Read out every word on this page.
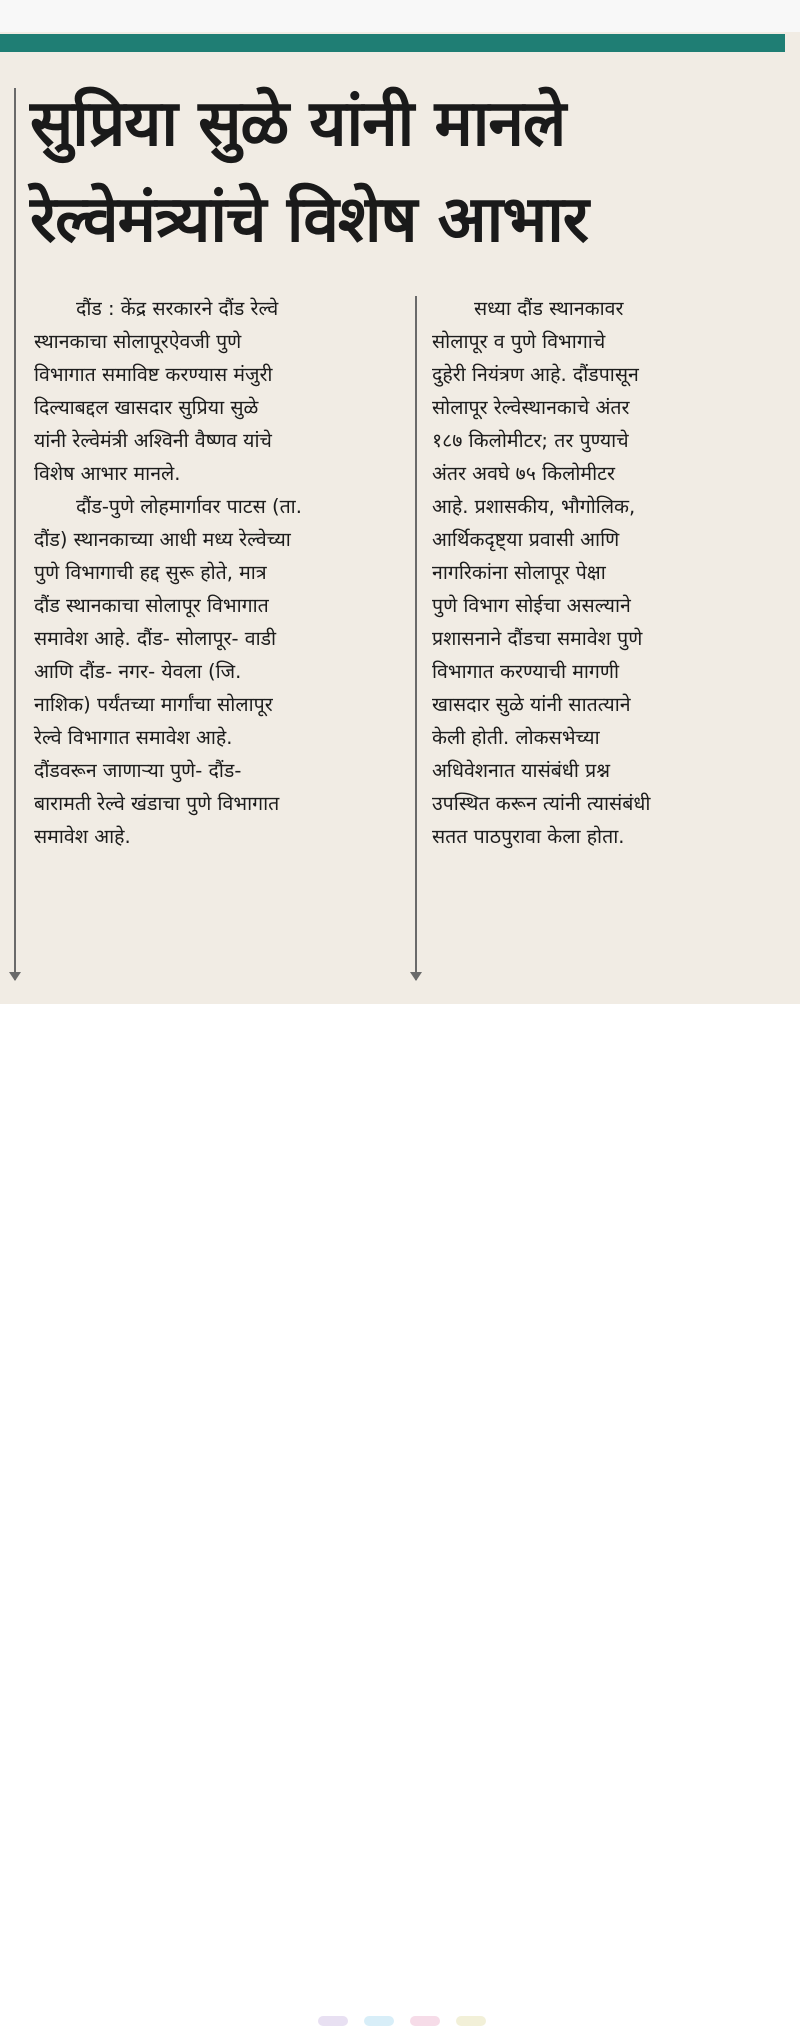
सुप्रिया सुळे यांनी मानले
रेल्वेमंत्र्यांचे विशेष आभार
दौंड : केंद्र सरकारने दौंड रेल्वे
स्थानकाचा सोलापूरऐवजी पुणे
विभागात समाविष्ट करण्यास मंजुरी
दिल्याबद्दल खासदार सुप्रिया सुळे
यांनी रेल्वेमंत्री अश्विनी वैष्णव यांचे
विशेष आभार मानले.
दौंड-पुणे लोहमार्गावर पाटस (ता.
दौंड) स्थानकाच्या आधी मध्य रेल्वेच्या
पुणे विभागाची हद्द सुरू होते, मात्र
दौंड स्थानकाचा सोलापूर विभागात
समावेश आहे. दौंड- सोलापूर- वाडी
आणि दौंड- नगर- येवला (जि.
नाशिक) पर्यंतच्या मार्गांचा सोलापूर
रेल्वे विभागात समावेश आहे.
दौंडवरून जाणाऱ्या पुणे- दौंड-
बारामती रेल्वे खंडाचा पुणे विभागात
समावेश आहे.
सध्या दौंड स्थानकावर
सोलापूर व पुणे विभागाचे
दुहेरी नियंत्रण आहे. दौंडपासून
सोलापूर रेल्वेस्थानकाचे अंतर
१८७ किलोमीटर; तर पुण्याचे
अंतर अवघे ७५ किलोमीटर
आहे. प्रशासकीय, भौगोलिक,
आर्थिकदृष्ट्या प्रवासी आणि
नागरिकांना सोलापूर पेक्षा
पुणे विभाग सोईचा असल्याने
प्रशासनाने दौंडचा समावेश पुणे
विभागात करण्याची मागणी
खासदार सुळे यांनी सातत्याने
केली होती. लोकसभेच्या
अधिवेशनात यासंबंधी प्रश्न
उपस्थित करून त्यांनी त्यासंबंधी
सतत पाठपुरावा केला होता.
